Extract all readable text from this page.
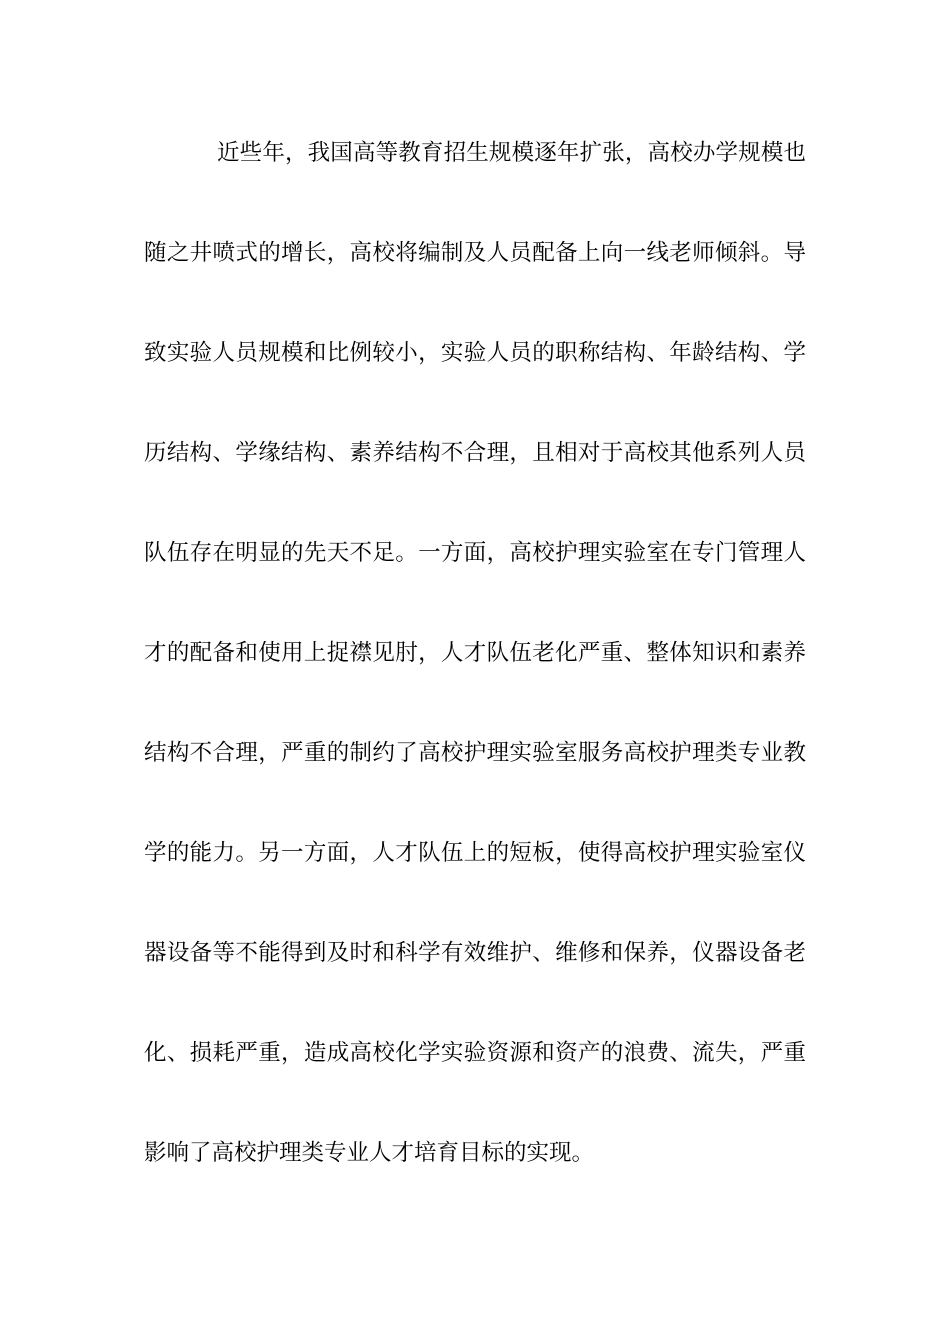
近些年，我国高等教育招生规模逐年扩张，高校办学规模也
随之井喷式的增长，高校将编制及人员配备上向一线老师倾斜。导
致实验人员规模和比例较小，实验人员的职称结构、年龄结构、学
历结构、学缘结构、素养结构不合理，且相对于高校其他系列人员
队伍存在明显的先天不足。一方面，高校护理实验室在专门管理人
才的配备和使用上捉襟见肘，人才队伍老化严重、整体知识和素养
结构不合理，严重的制约了高校护理实验室服务高校护理类专业教
学的能力。另一方面，人才队伍上的短板，使得高校护理实验室仪
器设备等不能得到及时和科学有效维护、维修和保养，仪器设备老
化、损耗严重，造成高校化学实验资源和资产的浪费、流失，严重
影响了高校护理类专业人才培育目标的实现。
